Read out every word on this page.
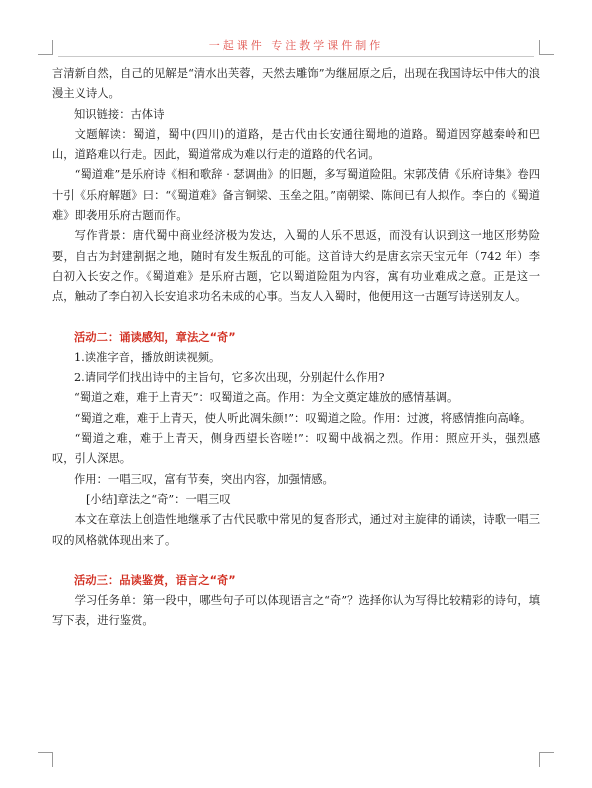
一起课件 专注教学课件制作

言清新自然，自己的见解是“清水出芙蓉，天然去雕饰”为继屈原之后，出现在我国诗坛中伟大的浪漫主义诗人。

知识链接：古体诗

文题解读：蜀道，蜀中(四川)的道路，是古代由长安通往蜀地的道路。蜀道因穿越秦岭和巴山，道路难以行走。因此，蜀道常成为难以行走的道路的代名词。

“蜀道难”是乐府诗《相和歌辞 · 瑟调曲》的旧题，多写蜀道险阻。宋郭茂倩《乐府诗集》卷四十引《乐府解题》曰：“《蜀道难》备言铜梁、玉垒之阻。”南朝梁、陈间已有人拟作。李白的《蜀道难》即袭用乐府古题而作。

写作背景：唐代蜀中商业经济极为发达，入蜀的人乐不思返，而没有认识到这一地区形势险要，自古为封建割据之地，随时有发生叛乱的可能。这首诗大约是唐玄宗天宝元年（742 年）李白初入长安之作。《蜀道难》是乐府古题，它以蜀道险阻为内容，寓有功业难成之意。正是这一点，触动了李白初入长安追求功名未成的心事。当友人入蜀时，他便用这一古题写诗送别友人。

活动二：诵读感知，章法之“奇”

1.读准字音，播放朗读视频。

2.请同学们找出诗中的主旨句，它多次出现，分别起什么作用?

“蜀道之难，难于上青天”：叹蜀道之高。作用：为全文奠定雄放的感情基调。

“蜀道之难，难于上青天，使人听此凋朱颜!”：叹蜀道之险。作用：过渡，将感情推向高峰。

“蜀道之难，难于上青天，侧身西望长咨嗟!”：叹蜀中战祸之烈。作用：照应开头，强烈感叹，引人深思。

作用：一唱三叹，富有节奏，突出内容，加强情感。

[小结]章法之“奇”：一唱三叹

本文在章法上创造性地继承了古代民歌中常见的复沓形式，通过对主旋律的诵读，诗歌一唱三叹的风格就体现出来了。

活动三：品读鉴赏，语言之“奇”

学习任务单：第一段中，哪些句子可以体现语言之“奇”？选择你认为写得比较精彩的诗句，填写下表，进行鉴赏。
